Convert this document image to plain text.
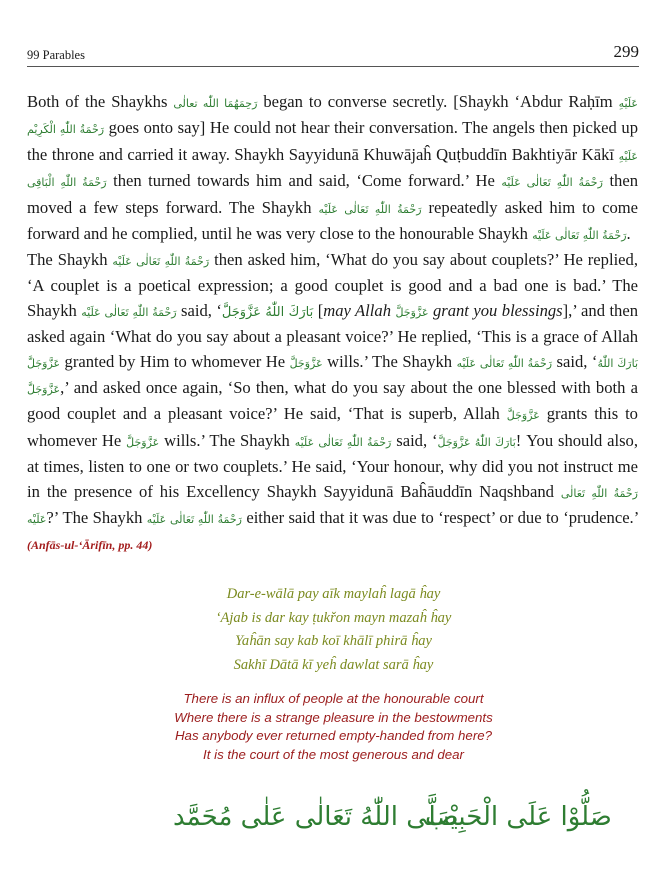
99 Parables	299
Both of the Shaykhs رَحِمَهُمَا اللّٰه تعالٰی began to converse secretly. [Shaykh ‘Abdur Raḥīm عَلَیْهِ رَحْمَةُ اللّٰهِ الْكَرِیْم goes onto say] He could not hear their conversation. The angels then picked up the throne and carried it away. Shaykh Sayyidunā Khuwājaĥ Quṭbuddīn Bakhtiyār Kākī عَلَیْهِ رَحْمَةُ اللّٰهِ الْبَاقِی then turned towards him and said, ‘Come forward.’ He رَحْمَةُ اللّٰهِ تَعَالٰی عَلَیْه then moved a few steps forward. The Shaykh رَحْمَةُ اللّٰهِ تَعَالٰی عَلَیْه repeatedly asked him to come forward and he complied, until he was very close to the honourable Shaykh رَحْمَةُ اللّٰهِ تَعَالٰی عَلَیْه.
The Shaykh رَحْمَةُ اللّٰهِ تَعَالٰی عَلَیْه then asked him, ‘What do you say about couplets?’ He replied, ‘A couplet is a poetical expression; a good couplet is good and a bad one is bad.’ The Shaykh رَحْمَةُ اللّٰهِ تَعَالٰی عَلَیْه said, ‘بَارَكَ اللّٰهُ عَزَّوَجَلَّ [may Allah عَزَّوَجَلَّ grant you blessings],’ and then asked again ‘What do you say about a pleasant voice?’ He replied, ‘This is a grace of Allah عَزَّوَجَلَّ granted by Him to whomever He عَزَّوَجَلَّ wills.’ The Shaykh رَحْمَةُ اللّٰهِ تَعَالٰی عَلَیْه said, ‘بَارَكَ اللّٰهُ عَزَّوَجَلَّ,’ and asked once again, ‘So then, what do you say about the one blessed with both a good couplet and a pleasant voice?’ He said, ‘That is superb, Allah عَزَّوَجَلَّ grants this to whomever He عَزَّوَجَلَّ wills.’ The Shaykh رَحْمَةُ اللّٰهِ تَعَالٰی عَلَیْه said, ‘بَارَكَ اللّٰهُ عَزَّوَجَلَّ! You should also, at times, listen to one or two couplets.’ He said, ‘Your honour, why did you not instruct me in the presence of his Excellency Shaykh Sayyidunā Baĥāuddīn Naqshband رَحْمَةُ اللّٰهِ تَعَالٰی عَلَیْه?’ The Shaykh رَحْمَةُ اللّٰهِ تَعَالٰی عَلَیْه either said that it was due to ‘respect’ or due to ‘prudence.’ (Anfās-ul-‘Ārifīn, pp. 44)
Dar-e-wālā pay aīk maylaĥ lagā ĥay
‘Ajab is dar kay ṭukřon mayn mazaĥ ĥay
Yaĥān say kab koī khālī phirā ĥay
Sakhī Dātā kī yeĥ dawlat sarā ĥay
There is an influx of people at the honourable court
Where there is a strange pleasure in the bestowments
Has anybody ever returned empty-handed from here?
It is the court of the most generous and dear
صَلَّى اللّٰهُ تَعَالٰى عَلٰى مُحَمَّد
صَلُّوْا عَلَى الْحَبِيْب
